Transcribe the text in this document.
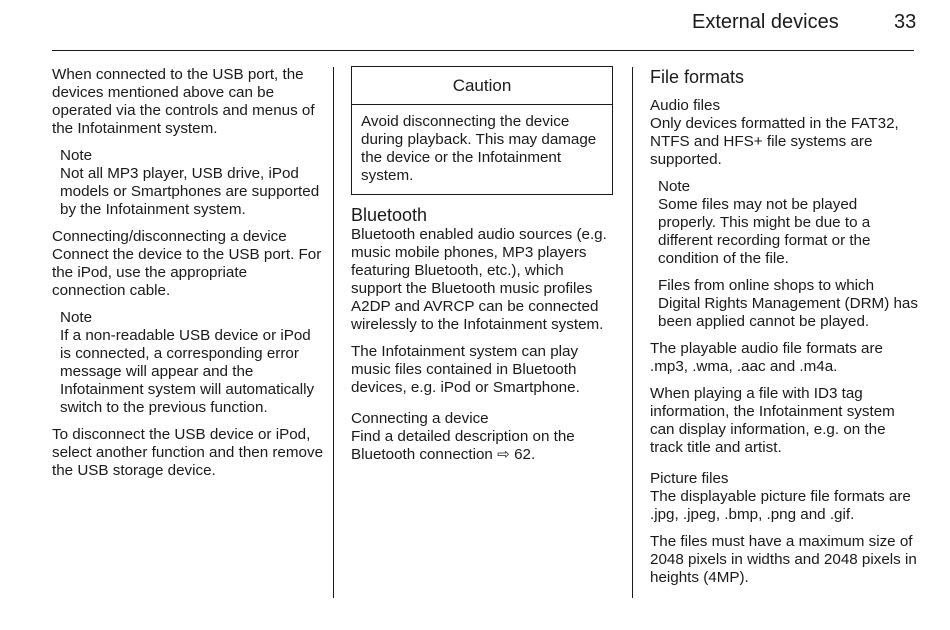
External devices	33

When connected to the USB port, the devices mentioned above can be operated via the controls and menus of the Infotainment system.

Note

Not all MP3 player, USB drive, iPod models or Smartphones are supported by the Infotainment system.

Connecting/disconnecting a device

Connect the device to the USB port. For the iPod, use the appropriate connection cable.

Note

If a non-readable USB device or iPod is connected, a corresponding error message will appear and the Infotainment system will automatically switch to the previous function.

To disconnect the USB device or iPod, select another function and then remove the USB storage device.

Caution
Avoid disconnecting the device during playback. This may damage the device or the Infotainment system.

Bluetooth

Bluetooth enabled audio sources (e.g. music mobile phones, MP3 players featuring Bluetooth, etc.), which support the Bluetooth music profiles A2DP and AVRCP can be connected wirelessly to the Infotainment system.

The Infotainment system can play music files contained in Bluetooth devices, e.g. iPod or Smartphone.

Connecting a device

Find a detailed description on the Bluetooth connection ⇨ 62.

File formats

Audio files

Only devices formatted in the FAT32, NTFS and HFS+ file systems are supported.

Note

Some files may not be played properly. This might be due to a different recording format or the condition of the file.

Files from online shops to which Digital Rights Management (DRM) has been applied cannot be played.

The playable audio file formats are .mp3, .wma, .aac and .m4a.

When playing a file with ID3 tag information, the Infotainment system can display information, e.g. on the track title and artist.

Picture files

The displayable picture file formats are .jpg, .jpeg, .bmp, .png and .gif.

The files must have a maximum size of 2048 pixels in widths and 2048 pixels in heights (4MP).
